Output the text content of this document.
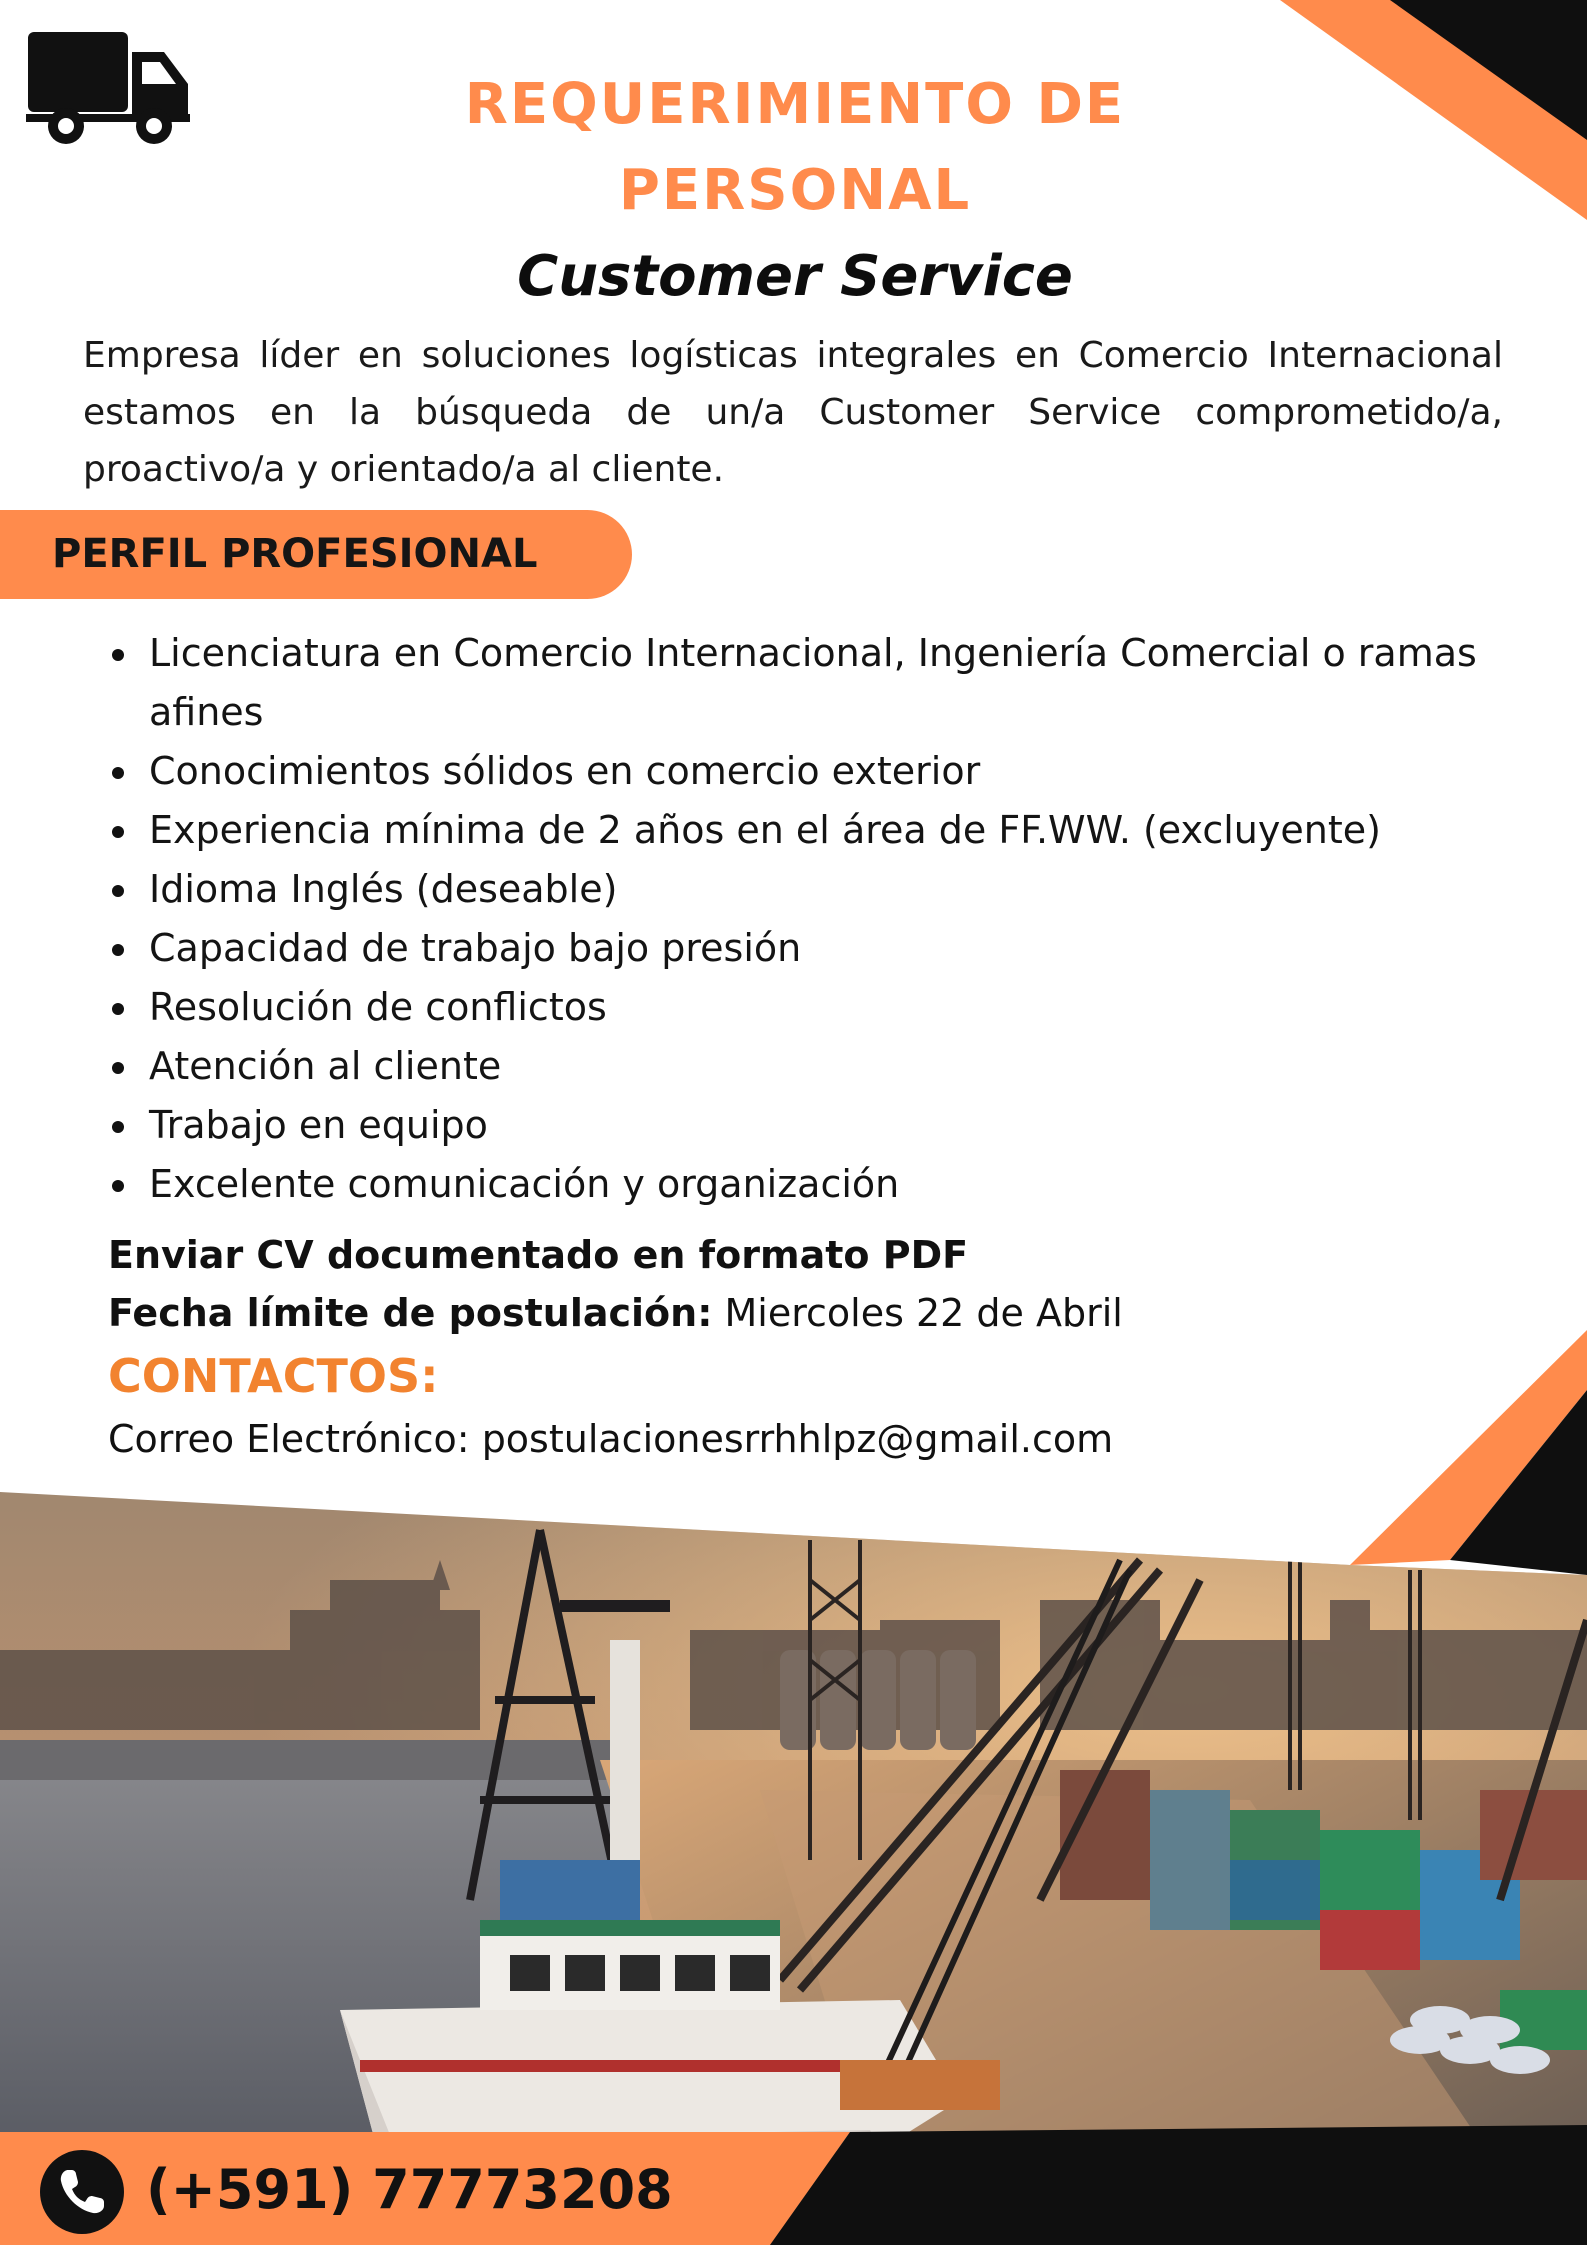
REQUERIMIENTO DE
PERSONAL
Customer Service
Empresa líder en soluciones logísticas integrales en Comercio Internacional estamos en la búsqueda de un/a Customer Service comprometido/a, proactivo/a y orientado/a al cliente.
PERFIL PROFESIONAL
Licenciatura en Comercio Internacional, Ingeniería Comercial o ramas afines
Conocimientos sólidos en comercio exterior
Experiencia mínima de 2 años en el área de FF.WW. (excluyente)
Idioma Inglés (deseable)
Capacidad de trabajo bajo presión
Resolución de conflictos
Atención al cliente
Trabajo en equipo
Excelente comunicación y organización
Enviar CV documentado en formato PDF
Fecha límite de postulación: Miercoles 22 de Abril
CONTACTOS:
Correo Electrónico: postulacionesrrhhlpz@gmail.com
(+591) 77773208
